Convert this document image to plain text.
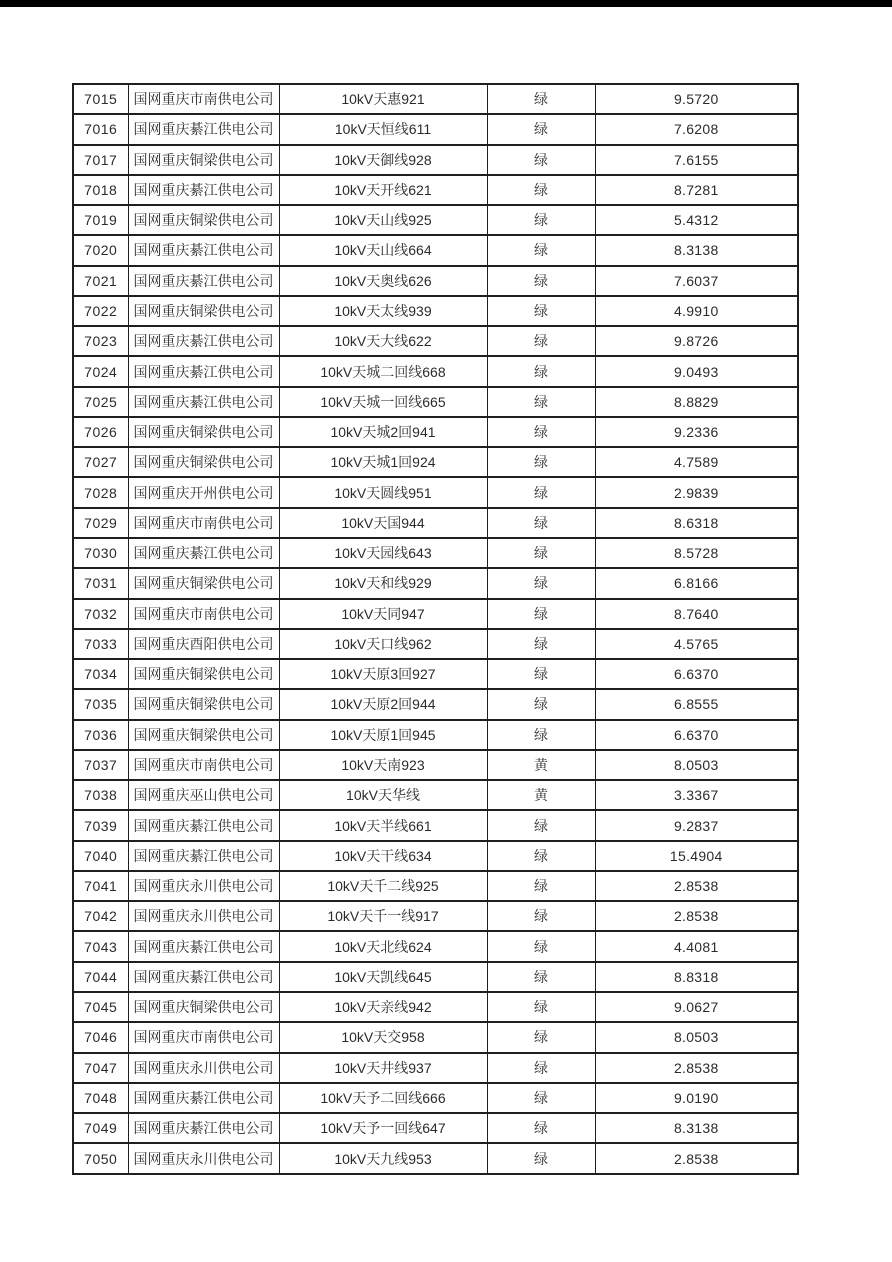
7015	国网重庆市南供电公司	10kV天惠921	绿	9.5720
7016	国网重庆綦江供电公司	10kV天恒线611	绿	7.6208
7017	国网重庆铜梁供电公司	10kV天御线928	绿	7.6155
7018	国网重庆綦江供电公司	10kV天开线621	绿	8.7281
7019	国网重庆铜梁供电公司	10kV天山线925	绿	5.4312
7020	国网重庆綦江供电公司	10kV天山线664	绿	8.3138
7021	国网重庆綦江供电公司	10kV天奥线626	绿	7.6037
7022	国网重庆铜梁供电公司	10kV天太线939	绿	4.9910
7023	国网重庆綦江供电公司	10kV天大线622	绿	9.8726
7024	国网重庆綦江供电公司	10kV天城二回线668	绿	9.0493
7025	国网重庆綦江供电公司	10kV天城一回线665	绿	8.8829
7026	国网重庆铜梁供电公司	10kV天城2回941	绿	9.2336
7027	国网重庆铜梁供电公司	10kV天城1回924	绿	4.7589
7028	国网重庆开州供电公司	10kV天圆线951	绿	2.9839
7029	国网重庆市南供电公司	10kV天国944	绿	8.6318
7030	国网重庆綦江供电公司	10kV天园线643	绿	8.5728
7031	国网重庆铜梁供电公司	10kV天和线929	绿	6.8166
7032	国网重庆市南供电公司	10kV天同947	绿	8.7640
7033	国网重庆酉阳供电公司	10kV天口线962	绿	4.5765
7034	国网重庆铜梁供电公司	10kV天原3回927	绿	6.6370
7035	国网重庆铜梁供电公司	10kV天原2回944	绿	6.8555
7036	国网重庆铜梁供电公司	10kV天原1回945	绿	6.6370
7037	国网重庆市南供电公司	10kV天南923	黄	8.0503
7038	国网重庆巫山供电公司	10kV天华线	黄	3.3367
7039	国网重庆綦江供电公司	10kV天半线661	绿	9.2837
7040	国网重庆綦江供电公司	10kV天干线634	绿	15.4904
7041	国网重庆永川供电公司	10kV天千二线925	绿	2.8538
7042	国网重庆永川供电公司	10kV天千一线917	绿	2.8538
7043	国网重庆綦江供电公司	10kV天北线624	绿	4.4081
7044	国网重庆綦江供电公司	10kV天凯线645	绿	8.8318
7045	国网重庆铜梁供电公司	10kV天亲线942	绿	9.0627
7046	国网重庆市南供电公司	10kV天交958	绿	8.0503
7047	国网重庆永川供电公司	10kV天井线937	绿	2.8538
7048	国网重庆綦江供电公司	10kV天予二回线666	绿	9.0190
7049	国网重庆綦江供电公司	10kV天予一回线647	绿	8.3138
7050	国网重庆永川供电公司	10kV天九线953	绿	2.8538
